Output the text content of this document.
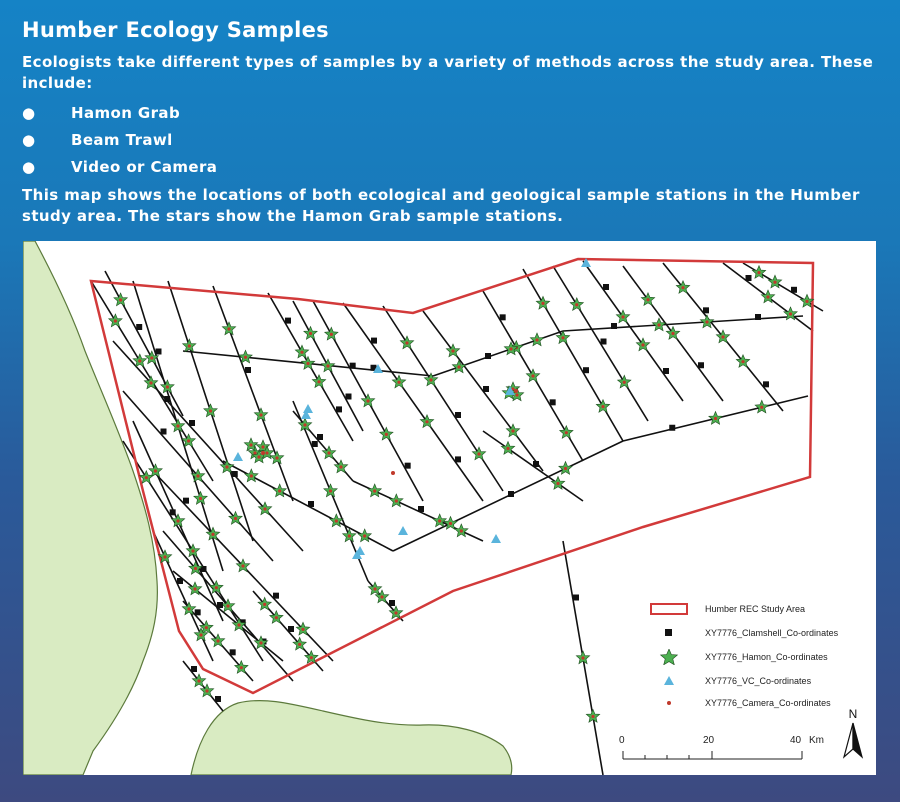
Humber Ecology Samples

Ecologists take different types of samples by a variety of methods across the study area. These include:

●	Hamon Grab
●	Beam Trawl
●	Video or Camera

This map shows the locations of both ecological and geological sample stations in the Humber study area. The stars show the Hamon Grab sample stations.

Humber REC Study Area
XY7776_Clamshell_Co-ordinates
XY7776_Hamon_Co-ordinates
XY7776_VC_Co-ordinates
XY7776_Camera_Co-ordinates
0	20	40 Km
N
